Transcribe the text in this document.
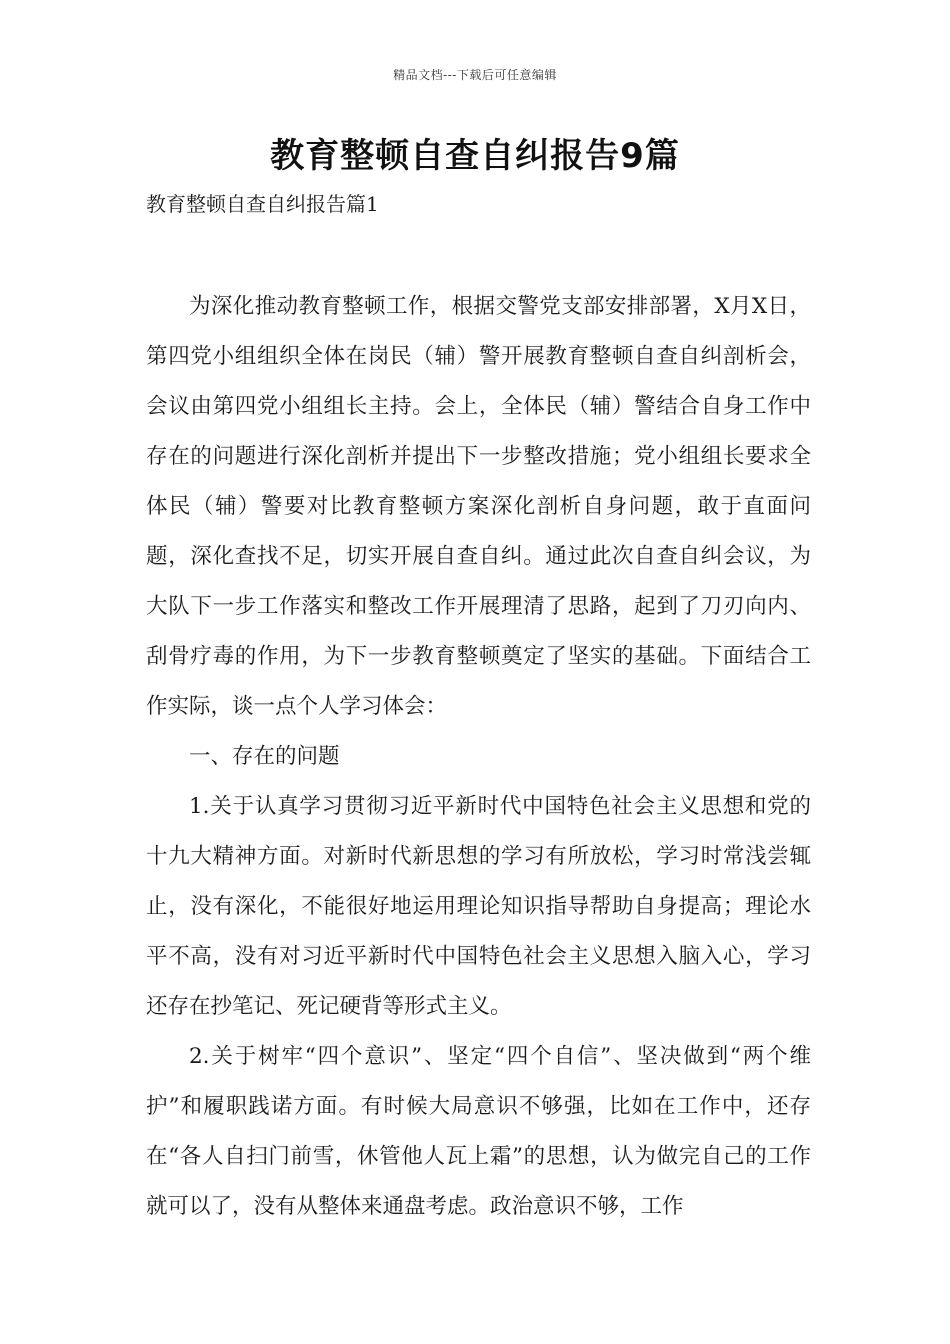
精品文档---下载后可任意编辑
教育整顿自查自纠报告9篇
教育整顿自查自纠报告篇1

为深化推动教育整顿工作，根据交警党支部安排部署，X月X日，第四党小组组织全体在岗民（辅）警开展教育整顿自查自纠剖析会，会议由第四党小组组长主持。会上，全体民（辅）警结合自身工作中存在的问题进行深化剖析并提出下一步整改措施；党小组组长要求全体民（辅）警要对比教育整顿方案深化剖析自身问题，敢于直面问题，深化查找不足，切实开展自查自纠。通过此次自查自纠会议，为大队下一步工作落实和整改工作开展理清了思路，起到了刀刃向内、刮骨疗毒的作用，为下一步教育整顿奠定了坚实的基础。下面结合工作实际，谈一点个人学习体会：

一、存在的问题

1.关于认真学习贯彻习近平新时代中国特色社会主义思想和党的十九大精神方面。对新时代新思想的学习有所放松，学习时常浅尝辄止，没有深化，不能很好地运用理论知识指导帮助自身提高；理论水平不高，没有对习近平新时代中国特色社会主义思想入脑入心，学习还存在抄笔记、死记硬背等形式主义。

2.关于树牢“四个意识”、坚定“四个自信”、坚决做到“两个维护”和履职践诺方面。有时候大局意识不够强，比如在工作中，还存在“各人自扫门前雪，休管他人瓦上霜”的思想，认为做完自己的工作就可以了，没有从整体来通盘考虑。政治意识不够，工作
